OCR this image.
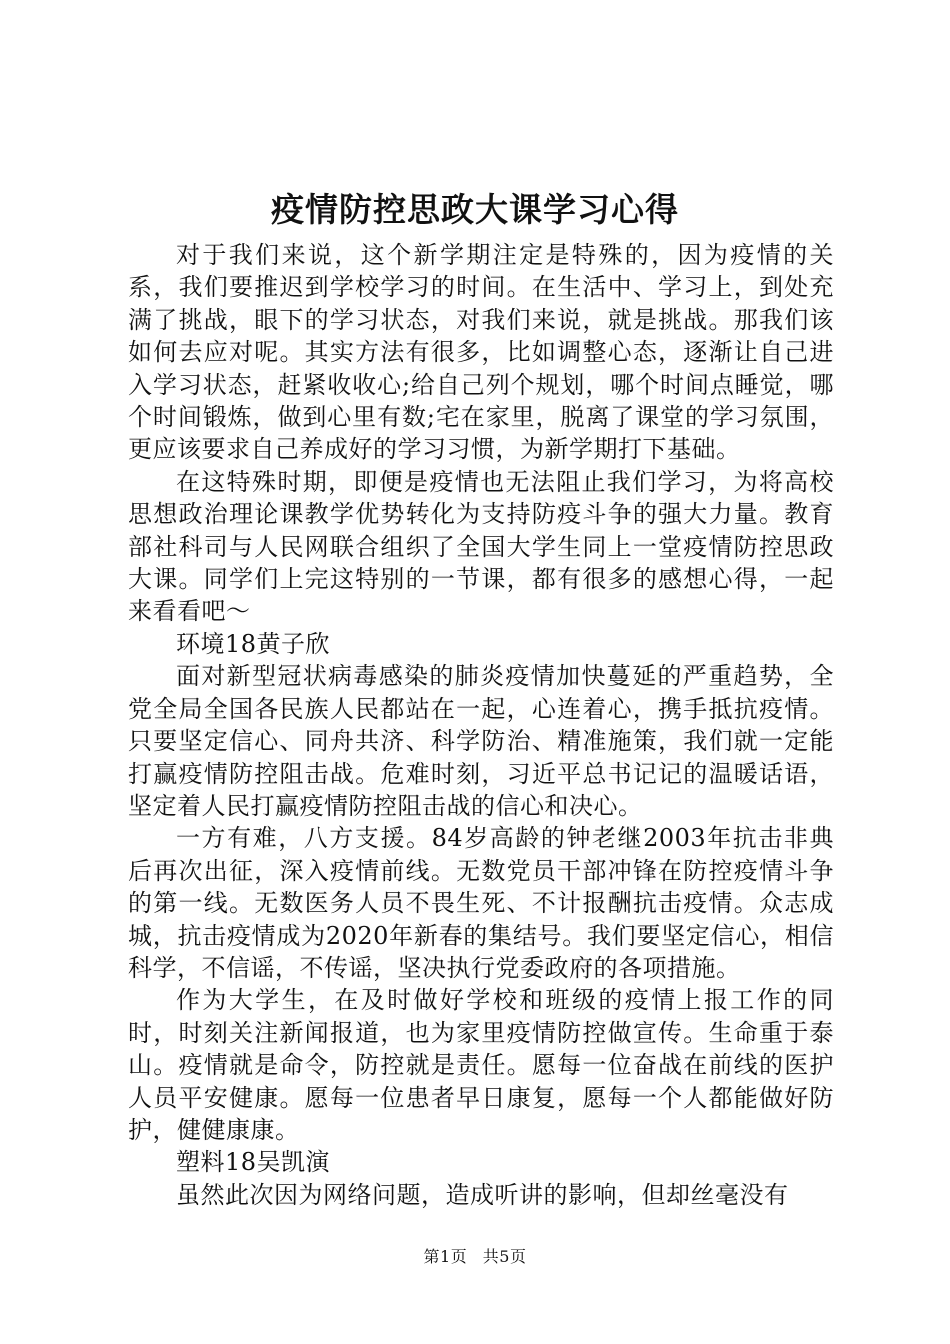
疫情防控思政大课学习心得

对于我们来说，这个新学期注定是特殊的，因为疫情的关系，我们要推迟到学校学习的时间。在生活中、学习上，到处充满了挑战，眼下的学习状态，对我们来说，就是挑战。那我们该如何去应对呢。其实方法有很多，比如调整心态，逐渐让自己进入学习状态，赶紧收收心;给自己列个规划，哪个时间点睡觉，哪个时间锻炼，做到心里有数;宅在家里，脱离了课堂的学习氛围，更应该要求自己养成好的学习习惯，为新学期打下基础。

在这特殊时期，即便是疫情也无法阻止我们学习，为将高校思想政治理论课教学优势转化为支持防疫斗争的强大力量。教育部社科司与人民网联合组织了全国大学生同上一堂疫情防控思政大课。同学们上完这特别的一节课，都有很多的感想心得，一起来看看吧～

环境18黄子欣

面对新型冠状病毒感染的肺炎疫情加快蔓延的严重趋势，全党全局全国各民族人民都站在一起，心连着心，携手抵抗疫情。只要坚定信心、同舟共济、科学防治、精准施策，我们就一定能打赢疫情防控阻击战。危难时刻，习近平总书记记的温暖话语，坚定着人民打赢疫情防控阻击战的信心和决心。

一方有难，八方支援。84岁高龄的钟老继2003年抗击非典后再次出征，深入疫情前线。无数党员干部冲锋在防控疫情斗争的第一线。无数医务人员不畏生死、不计报酬抗击疫情。众志成城，抗击疫情成为2020年新春的集结号。我们要坚定信心，相信科学，不信谣，不传谣，坚决执行党委政府的各项措施。

作为大学生，在及时做好学校和班级的疫情上报工作的同时，时刻关注新闻报道，也为家里疫情防控做宣传。生命重于泰山。疫情就是命令，防控就是责任。愿每一位奋战在前线的医护人员平安健康。愿每一位患者早日康复，愿每一个人都能做好防护，健健康康。

塑料18吴凯演

虽然此次因为网络问题，造成听讲的影响，但却丝毫没有

第1页 共5页
